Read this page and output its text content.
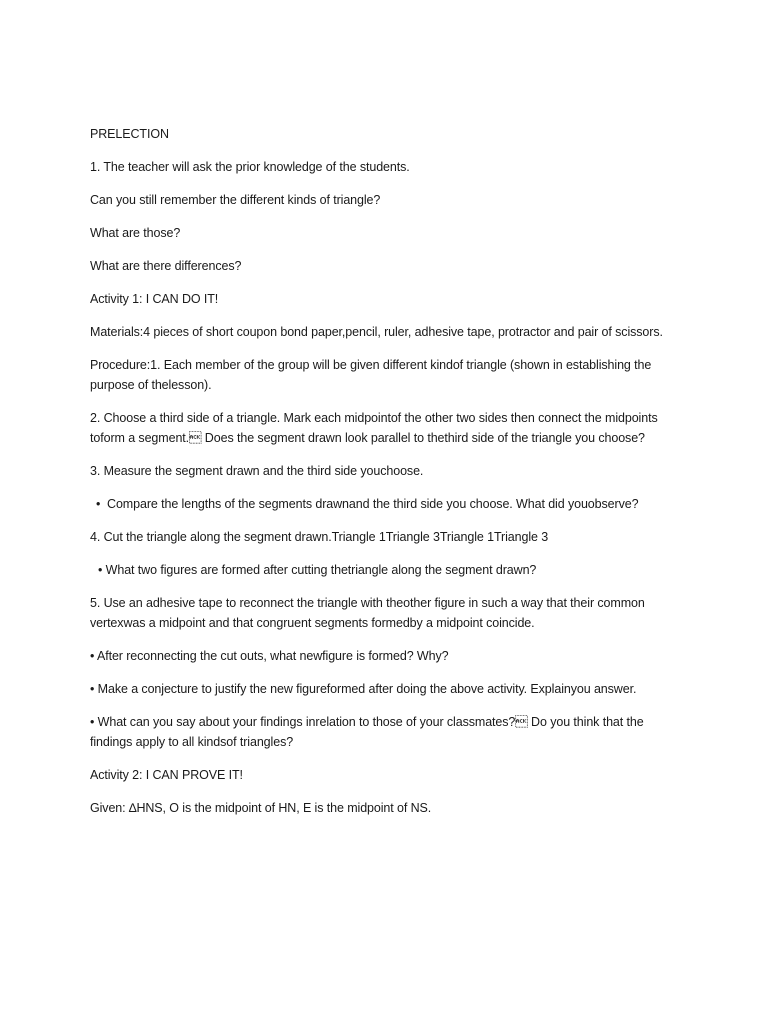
PRELECTION

1. The teacher will ask the prior knowledge of the students.

Can you still remember the different kinds of triangle?

What are those?

What are there differences?

Activity 1: I CAN DO IT!

Materials:4 pieces of short coupon bond paper,pencil, ruler, adhesive tape, protractor and pair of scissors.

Procedure:1. Each member of the group will be given different kindof triangle (shown in establishing the purpose of thelesson).

2. Choose a third side of a triangle. Mark each midpointof the other two sides then connect the midpoints toform a segment. Does the segment drawn look parallel to thethird side of the triangle you choose?

3. Measure the segment drawn and the third side youchoose.

•  Compare the lengths of the segments drawnand the third side you choose. What did youobserve?

4. Cut the triangle along the segment drawn.Triangle 1Triangle 3Triangle 1Triangle 3

• What two figures are formed after cutting thetriangle along the segment drawn?

5. Use an adhesive tape to reconnect the triangle with theother figure in such a way that their common vertexwas a midpoint and that congruent segments formedby a midpoint coincide.

• After reconnecting the cut outs, what newfigure is formed? Why?

• Make a conjecture to justify the new figureformed after doing the above activity. Explainyou answer.

• What can you say about your findings inrelation to those of your classmates? Do you think that the findings apply to all kindsof triangles?

Activity 2: I CAN PROVE IT!

Given: ∆HNS, O is the midpoint of HN, E is the midpoint of NS.
